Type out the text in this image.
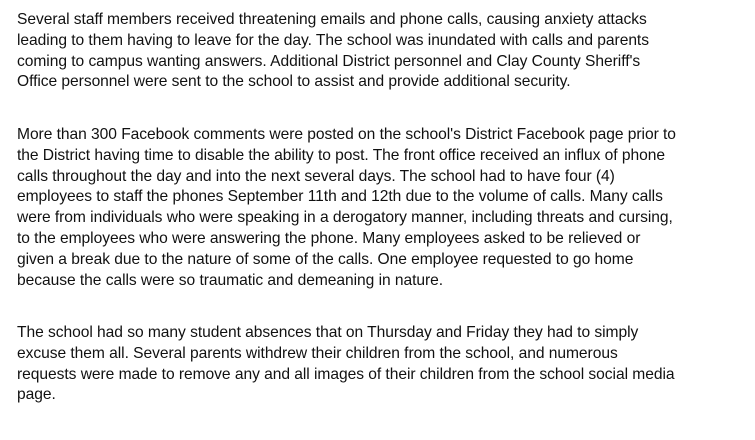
Several staff members received threatening emails and phone calls, causing anxiety attacks
leading to them having to leave for the day. The school was inundated with calls and parents
coming to campus wanting answers. Additional District personnel and Clay County Sheriff's
Office personnel were sent to the school to assist and provide additional security.

More than 300 Facebook comments were posted on the school's District Facebook page prior to
the District having time to disable the ability to post. The front office received an influx of phone
calls throughout the day and into the next several days. The school had to have four (4)
employees to staff the phones September 11th and 12th due to the volume of calls. Many calls
were from individuals who were speaking in a derogatory manner, including threats and cursing,
to the employees who were answering the phone. Many employees asked to be relieved or
given a break due to the nature of some of the calls. One employee requested to go home
because the calls were so traumatic and demeaning in nature.

The school had so many student absences that on Thursday and Friday they had to simply
excuse them all. Several parents withdrew their children from the school, and numerous
requests were made to remove any and all images of their children from the school social media
page.
